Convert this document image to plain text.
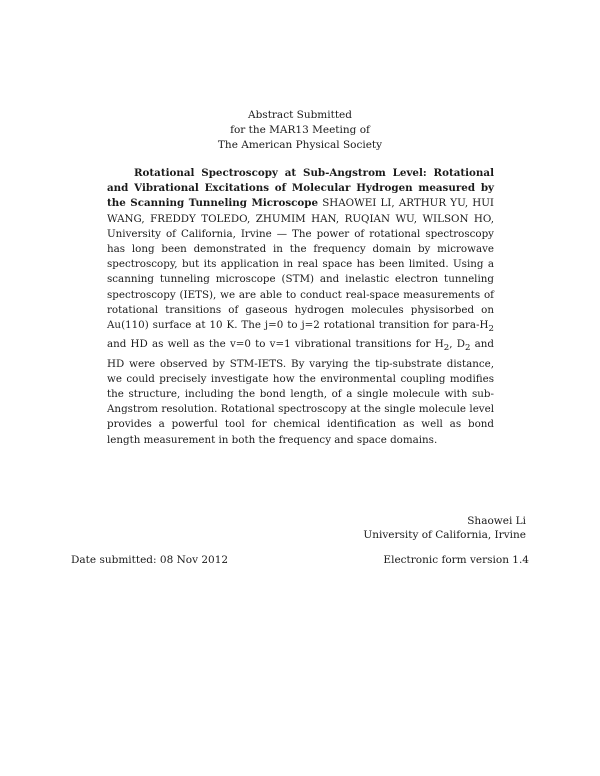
Abstract Submitted
for the MAR13 Meeting of
The American Physical Society
Rotational Spectroscopy at Sub-Angstrom Level: Rotational and Vibrational Excitations of Molecular Hydrogen measured by the Scanning Tunneling Microscope SHAOWEI LI, ARTHUR YU, HUI WANG, FREDDY TOLEDO, ZHUMIM HAN, RUQIAN WU, WILSON HO, University of California, Irvine — The power of rotational spectroscopy has long been demonstrated in the frequency domain by microwave spectroscopy, but its application in real space has been limited. Using a scanning tunneling microscope (STM) and inelastic electron tunneling spectroscopy (IETS), we are able to conduct real-space measurements of rotational transitions of gaseous hydrogen molecules physisorbed on Au(110) surface at 10 K. The j=0 to j=2 rotational transition for para-$H_2$ and HD as well as the v=0 to v=1 vibrational transitions for $H_2$, $D_2$ and HD were observed by STM-IETS. By varying the tip-substrate distance, we could precisely investigate how the environmental coupling modifies the structure, including the bond length, of a single molecule with sub-Angstrom resolution. Rotational spectroscopy at the single molecule level provides a powerful tool for chemical identification as well as bond length measurement in both the frequency and space domains.
Shaowei Li
University of California, Irvine
Date submitted: 08 Nov 2012	Electronic form version 1.4
